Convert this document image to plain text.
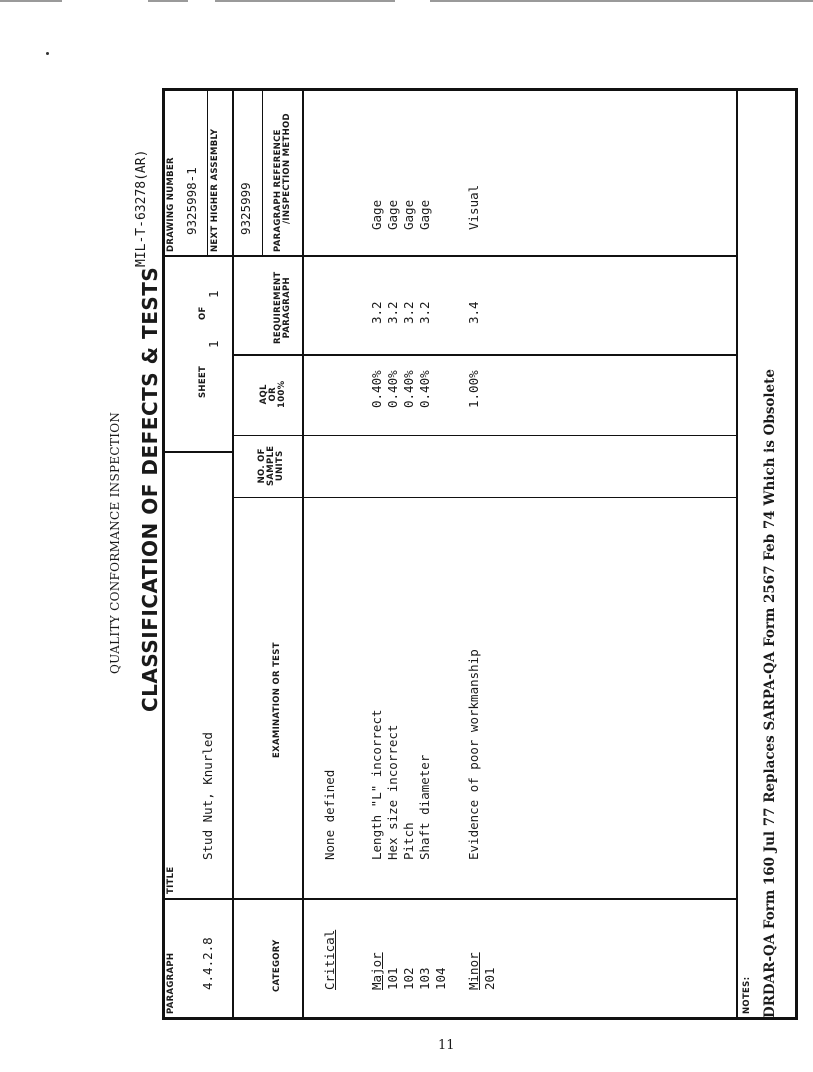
MIL-T-63278(AR)
QUALITY CONFORMANCE INSPECTION CLASSIFICATION OF DEFECTS & TESTS
PARAGRAPH 4.4.2.8
TITLE
Stud Nut, Knurled
SHEET
1
OF
1
DRAWING NUMBER 9325998-1 NEXT HIGHER ASSEMBLY 9325999
CATEGORY
EXAMINATION OR TEST
NO. OF SAMPLE UNITS
AQL OR 100%
REQUIREMENT PARAGRAPH
PARAGRAPH REFERENCE /INSPECTION METHOD
Critical
None defined
Major 101
Length "L" incorrect
0.40%
3.2
Gage
102
Hex size incorrect
0.40%
3.2
Gage
103
Pitch
0.40%
3.2
Gage
104
Shaft diameter
0.40%
3.2
Gage
Minor 201
Evidence of poor workmanship
1.00%
3.4
Visual
NOTES: DRDAR-QA Form 160 Jul 77 Replaces SARPA-QA Form 2567 Feb 74 Which is Obsolete
11
